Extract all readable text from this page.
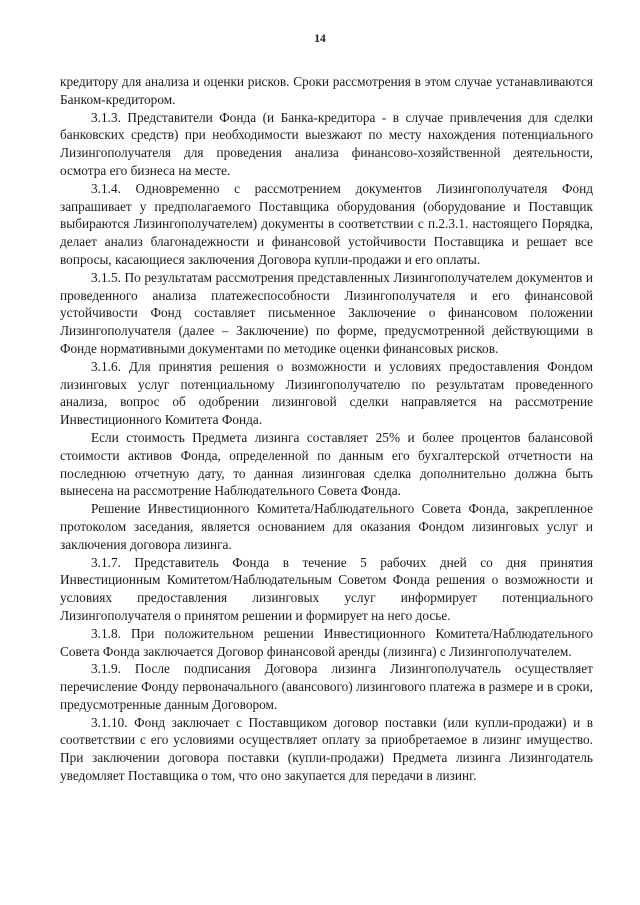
14

кредитору для анализа и оценки рисков. Сроки рассмотрения в этом случае устанавливаются Банком-кредитором.

3.1.3. Представители Фонда (и Банка-кредитора - в случае привлечения для сделки банковских средств) при необходимости выезжают по месту нахождения потенциального Лизингополучателя для проведения анализа финансово-хозяйственной деятельности, осмотра его бизнеса на месте.

3.1.4. Одновременно с рассмотрением документов Лизингополучателя Фонд запрашивает у предполагаемого Поставщика оборудования (оборудование и Поставщик выбираются Лизингополучателем) документы в соответствии с п.2.3.1. настоящего Порядка, делает анализ благонадежности и финансовой устойчивости Поставщика и решает все вопросы, касающиеся заключения Договора купли-продажи и его оплаты.

3.1.5. По результатам рассмотрения представленных Лизингополучателем документов и проведенного анализа платежеспособности Лизингополучателя и его финансовой устойчивости Фонд составляет письменное Заключение о финансовом положении Лизингополучателя (далее – Заключение) по форме, предусмотренной действующими в Фонде нормативными документами по методике оценки финансовых рисков.

3.1.6. Для принятия решения о возможности и условиях предоставления Фондом лизинговых услуг потенциальному Лизингополучателю по результатам проведенного анализа, вопрос об одобрении лизинговой сделки направляется на рассмотрение Инвестиционного Комитета Фонда.

Если стоимость Предмета лизинга составляет 25% и более процентов балансовой стоимости активов Фонда, определенной по данным его бухгалтерской отчетности на последнюю отчетную дату, то данная лизинговая сделка дополнительно должна быть вынесена на рассмотрение Наблюдательного Совета Фонда.

Решение Инвестиционного Комитета/Наблюдательного Совета Фонда, закрепленное протоколом заседания, является основанием для оказания Фондом лизинговых услуг и заключения договора лизинга.

3.1.7. Представитель Фонда в течение 5 рабочих дней со дня принятия Инвестиционным Комитетом/Наблюдательным Советом Фонда решения о возможности и условиях предоставления лизинговых услуг информирует потенциального Лизингополучателя о принятом решении и формирует на него досье.

3.1.8. При положительном решении Инвестиционного Комитета/Наблюдательного Совета Фонда заключается Договор финансовой аренды (лизинга) с Лизингополучателем.

3.1.9. После подписания Договора лизинга Лизингополучатель осуществляет перечисление Фонду первоначального (авансового) лизингового платежа в размере и в сроки, предусмотренные данным Договором.

3.1.10. Фонд заключает с Поставщиком договор поставки (или купли-продажи) и в соответствии с его условиями осуществляет оплату за приобретаемое в лизинг имущество. При заключении договора поставки (купли-продажи) Предмета лизинга Лизингодатель уведомляет Поставщика о том, что оно закупается для передачи в лизинг.
